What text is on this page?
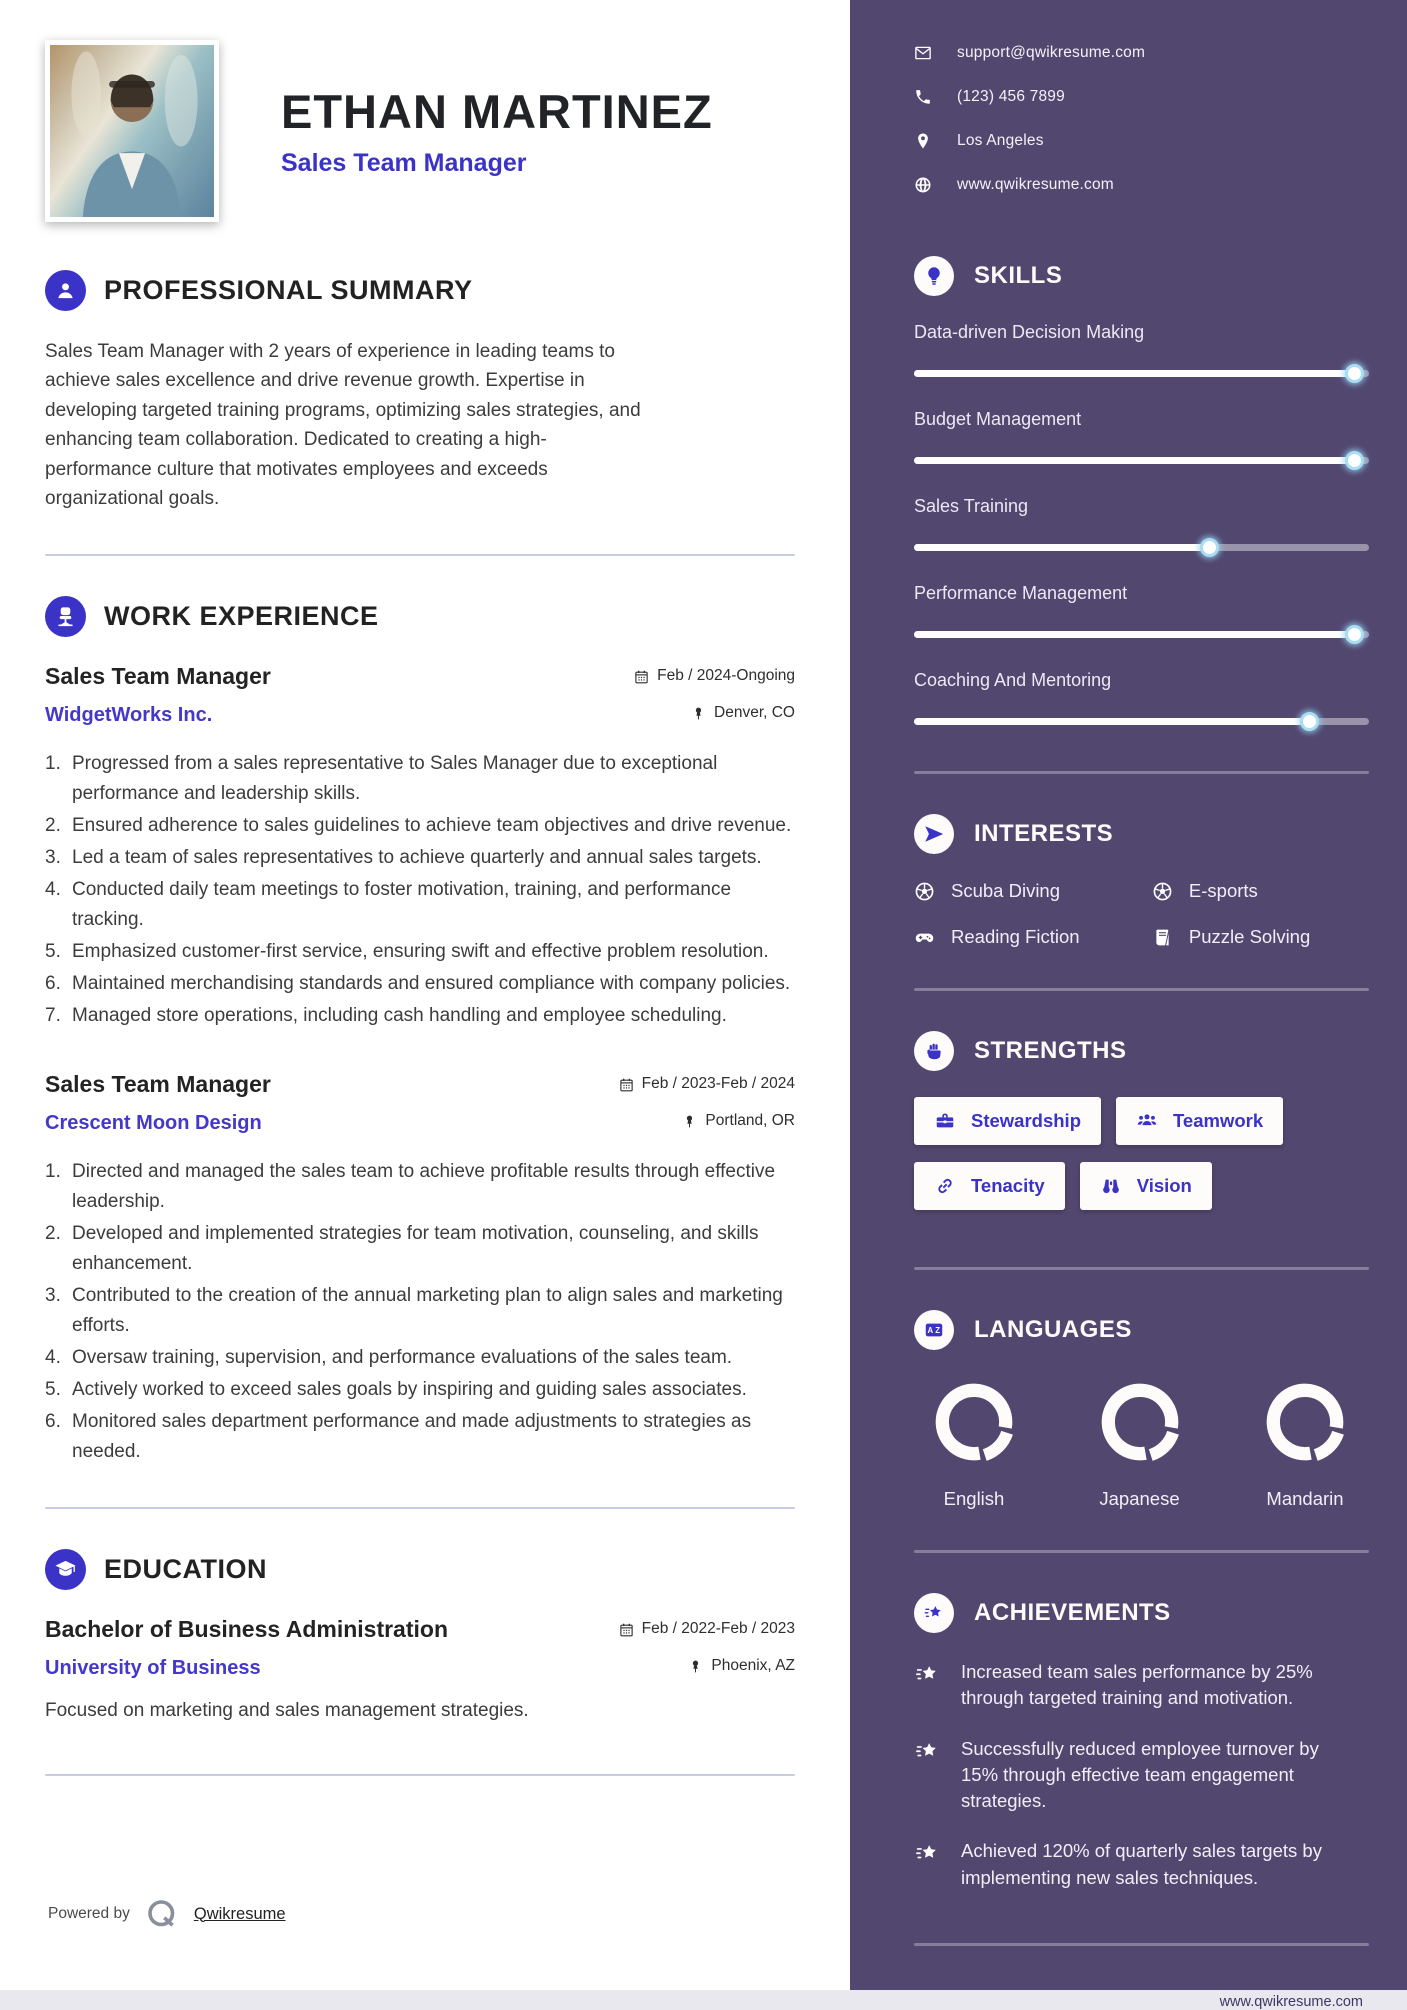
ETHAN MARTINEZ
Sales Team Manager
PROFESSIONAL SUMMARY

Sales Team Manager with 2 years of experience in leading teams to achieve sales excellence and drive revenue growth. Expertise in developing targeted training programs, optimizing sales strategies, and enhancing team collaboration. Dedicated to creating a high-performance culture that motivates employees and exceeds organizational goals.

WORK EXPERIENCE
Sales Team Manager	Feb / 2024-Ongoing
WidgetWorks Inc.	Denver, CO
Progressed from a sales representative to Sales Manager due to exceptional performance and leadership skills.
Ensured adherence to sales guidelines to achieve team objectives and drive revenue.
Led a team of sales representatives to achieve quarterly and annual sales targets.
Conducted daily team meetings to foster motivation, training, and performance tracking.
Emphasized customer-first service, ensuring swift and effective problem resolution.
Maintained merchandising standards and ensured compliance with company policies.
Managed store operations, including cash handling and employee scheduling.
Sales Team Manager	Feb / 2023-Feb / 2024
Crescent Moon Design	Portland, OR
Directed and managed the sales team to achieve profitable results through effective leadership.
Developed and implemented strategies for team motivation, counseling, and skills enhancement.
Contributed to the creation of the annual marketing plan to align sales and marketing efforts.
Oversaw training, supervision, and performance evaluations of the sales team.
Actively worked to exceed sales goals by inspiring and guiding sales associates.
Monitored sales department performance and made adjustments to strategies as needed.
EDUCATION
Bachelor of Business Administration	Feb / 2022-Feb / 2023
University of Business	Phoenix, AZ

Focused on marketing and sales management strategies.

Powered by	Qwikresume
support@qwikresume.com
(123) 456 7899
Los Angeles
www.qwikresume.com
SKILLS
Data-driven Decision Making
Budget Management
Sales Training
Performance Management
Coaching And Mentoring
INTERESTS
Scuba Diving	E-sports
Reading Fiction	Puzzle Solving
STRENGTHS
Stewardship	Teamwork
Tenacity	Vision
A Z LANGUAGES
English	Japanese	Mandarin
ACHIEVEMENTS

Increased team sales performance by 25% through targeted training and motivation.

Successfully reduced employee turnover by 15% through effective team engagement strategies.

Achieved 120% of quarterly sales targets by implementing new sales techniques.

www.qwikresume.com
